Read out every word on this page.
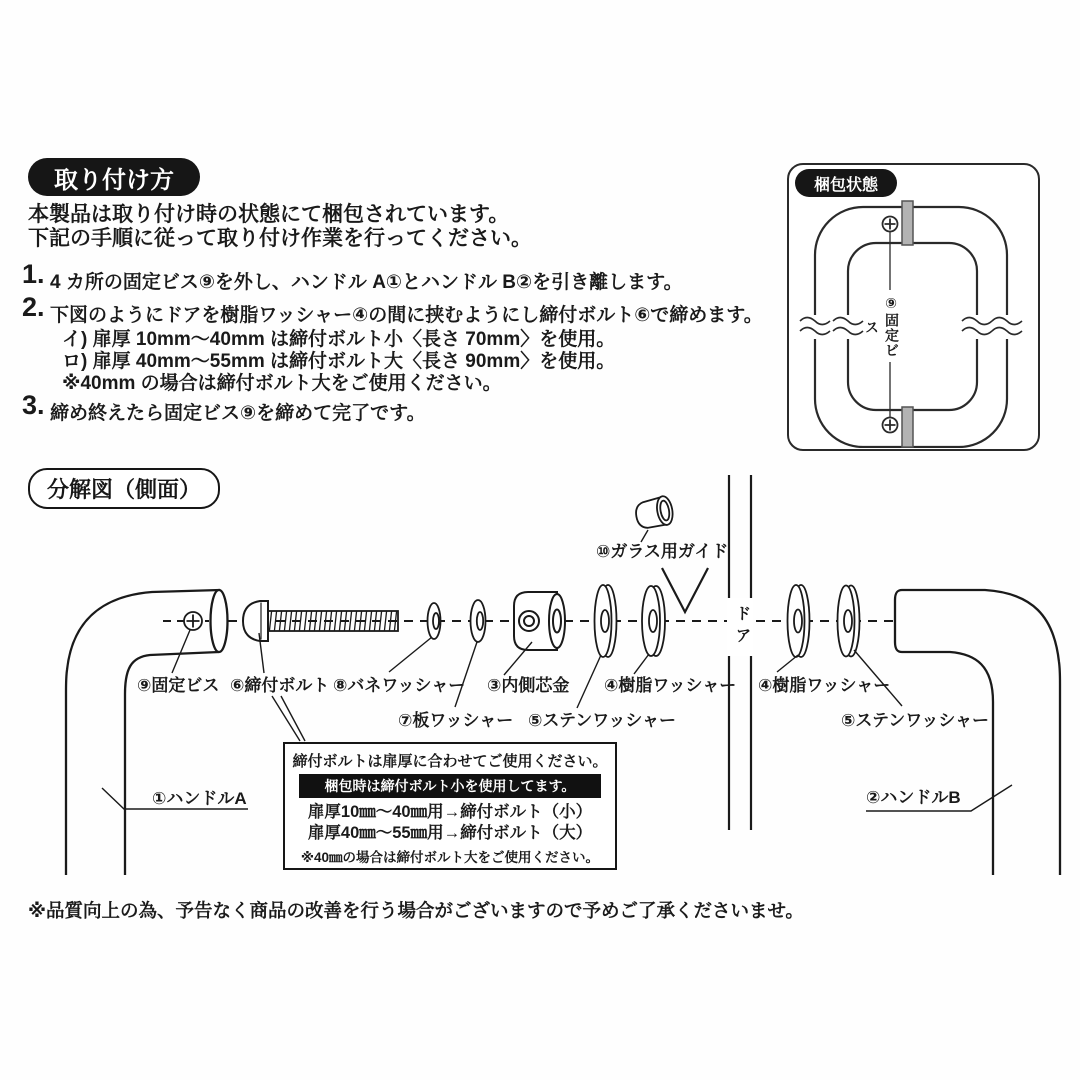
取り付け方
本製品は取り付け時の状態にて梱包されています。
下記の手順に従って取り付け作業を行ってください。
1. 4 カ所の固定ビス⑨を外し、ハンドル A①とハンドル B②を引き離します。
2. 下図のようにドアを樹脂ワッシャー④の間に挟むようにし締付ボルト⑥で締めます。
イ) 扉厚 10mm～40mm は締付ボルト小〈長さ 70mm〉を使用。
ロ) 扉厚 40mm～55mm は締付ボルト大〈長さ 90mm〉を使用。
※40mm の場合は締付ボルト大をご使用ください。
3. 締め終えたら固定ビス⑨を締めて完了です。
⑨固定ビス
梱包状態
分解図（側面）
⑩ガラス用ガイド
⑨固定ビス ⑥締付ボルト ⑧バネワッシャー ③内側芯金 ④樹脂ワッシャー ④樹脂ワッシャー
⑦板ワッシャー ⑤ステンワッシャー	⑤ステンワッシャー
①ハンドルA	②ハンドルB
ドア
締付ボルトは扉厚に合わせてご使用ください。
梱包時は締付ボルト小を使用してます。
扉厚10㎜～40㎜用→締付ボルト（小）
扉厚40㎜～55㎜用→締付ボルト（大）
※40㎜の場合は締付ボルト大をご使用ください。
※品質向上の為、予告なく商品の改善を行う場合がございますので予めご了承くださいませ。
